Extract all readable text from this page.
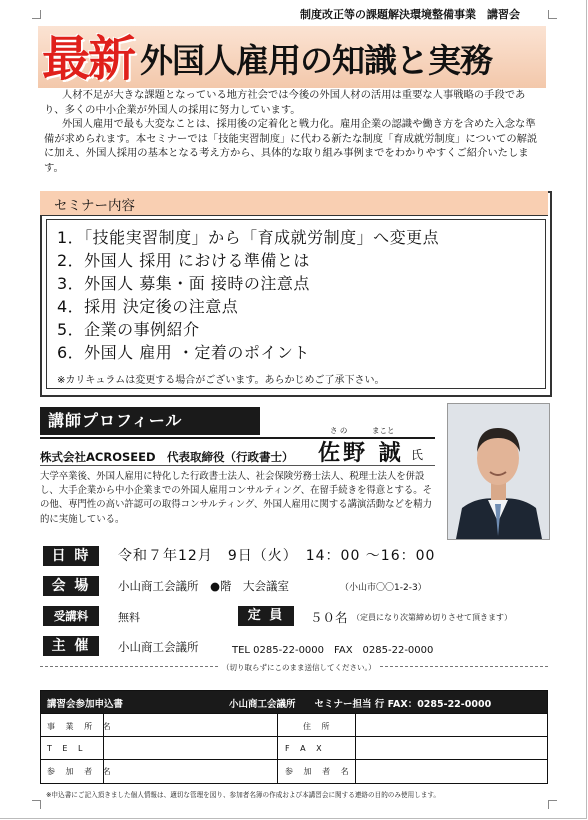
制度改正等の課題解決環境整備事業　講習会
最新 外国人雇用の知識と実務

人材不足が大きな課題となっている地方社会では今後の外国人材の活用は重要な人事戦略の手段であり、多くの中小企業が外国人の採用に努力しています。

外国人雇用で最も大変なことは、採用後の定着化と戦力化。雇用企業の認識や働き方を含めた入念な準備が求められます。本セミナーでは「技能実習制度」に代わる新たな制度「育成就労制度」についての解説に加え、外国人採用の基本となる考え方から、具体的な取り組み事例までをわかりやすくご紹介いたします。

セミナー内容
1．「技能実習制度」から「育成就労制度」へ変更点
2．外国人 採用 における準備とは
3．外国人 募集・面 接時の注意点
4．採用 決定後の注意点
5．企業の事例紹介
6．外国人 雇用 ・定着のポイント
※カリキュラムは変更する場合がございます。あらかじめご了承下さい。
講師プロフィール
株式会社ACROSEED　代表取締役（行政書士）
さ の	まこと
佐野 誠 氏
大学卒業後、外国人雇用に特化した行政書士法人、社会保険労務士法人、税理士法人を併設し、大手企業から中小企業までの外国人雇用コンサルティング、在留手続きを得意とする。その他、専門性の高い許認可の取得コンサルティング、外国人雇用に関する講演活動などを精力的に実施している。
日 時	令和７年12月　9日（火）　14：00 〜16：00
会 場	小山商工会議所　●階　大会議室	（小山市〇〇1-2-3）
受講料	無料	定 員	５０名 （定員になり次第締め切りさせて頂きます）
主 催	小山商工会議所	TEL 0285-22-0000　FAX　0285-22-0000
（切り取らずにこのまま送信してください。）
講習会参加申込書	小山商工会議所　　セミナー担当 行 FAX：0285-22-0000
事 業 所 名	住 所
T E L	F A X
参 加 者 名	参 加 者 名
※申込書にご記入頂きました個人情報は、適切な管理を図り、参加者名簿の作成および本講習会に関する連絡の目的のみ使用します。
